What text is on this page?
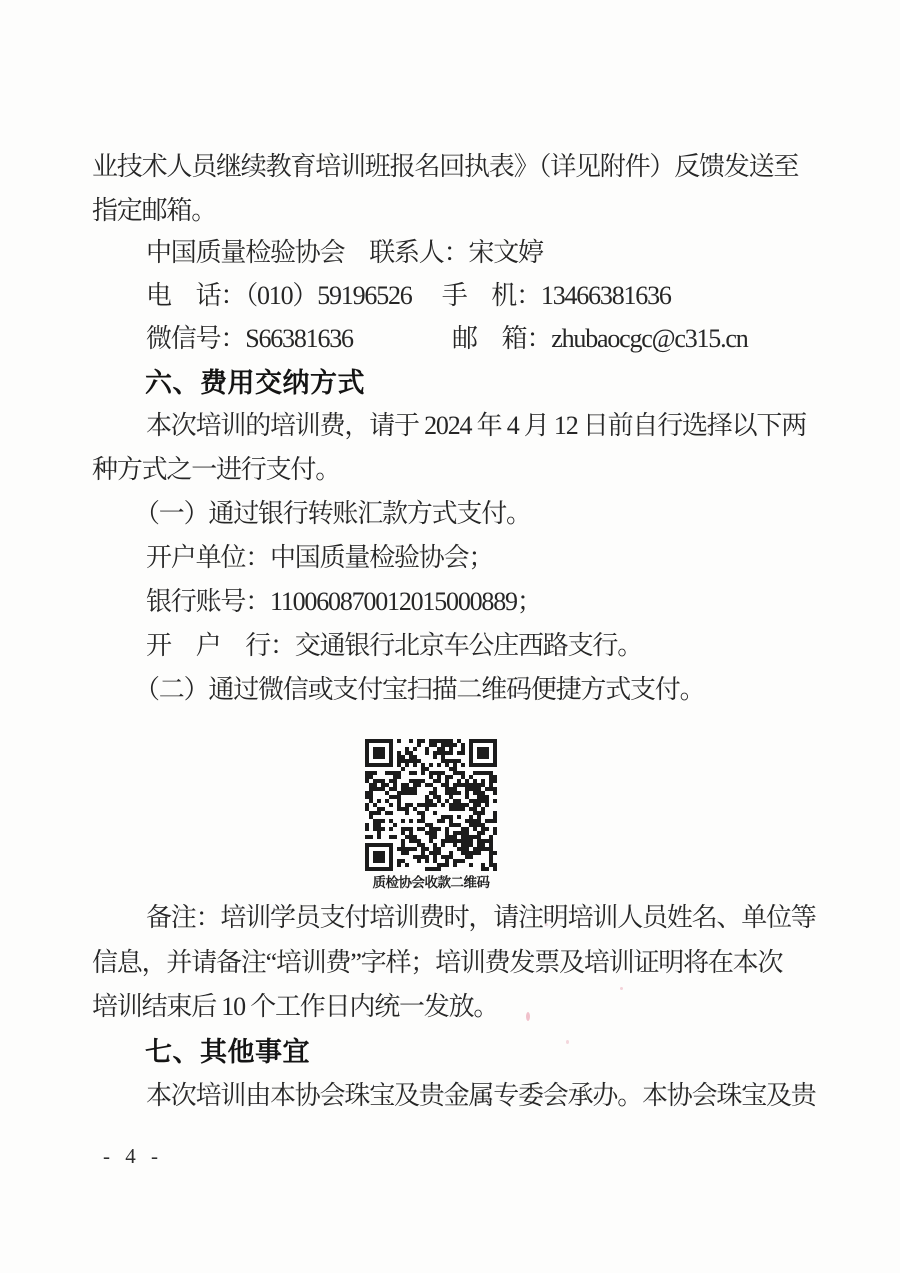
业技术人员继续教育培训班报名回执表》（详见附件）反馈发送至
指定邮箱。
中国质量检验协会　联系人：宋文婷
电　话：（010）59196526　 手　机：13466381636
微信号：S66381636　　　　邮　箱：zhubaocgc@c315.cn
六、费用交纳方式
本次培训的培训费，请于 2024 年 4 月 12 日前自行选择以下两
种方式之一进行支付。
（一）通过银行转账汇款方式支付。
开户单位：中国质量检验协会；
银行账号：110060870012015000889；
开　户　行：交通银行北京车公庄西路支行。
（二）通过微信或支付宝扫描二维码便捷方式支付。
质检协会收款二维码
备注：培训学员支付培训费时，请注明培训人员姓名、单位等
信息，并请备注“培训费”字样；培训费发票及培训证明将在本次
培训结束后 10 个工作日内统一发放。
七、其他事宜
本次培训由本协会珠宝及贵金属专委会承办。本协会珠宝及贵
- 4 -
